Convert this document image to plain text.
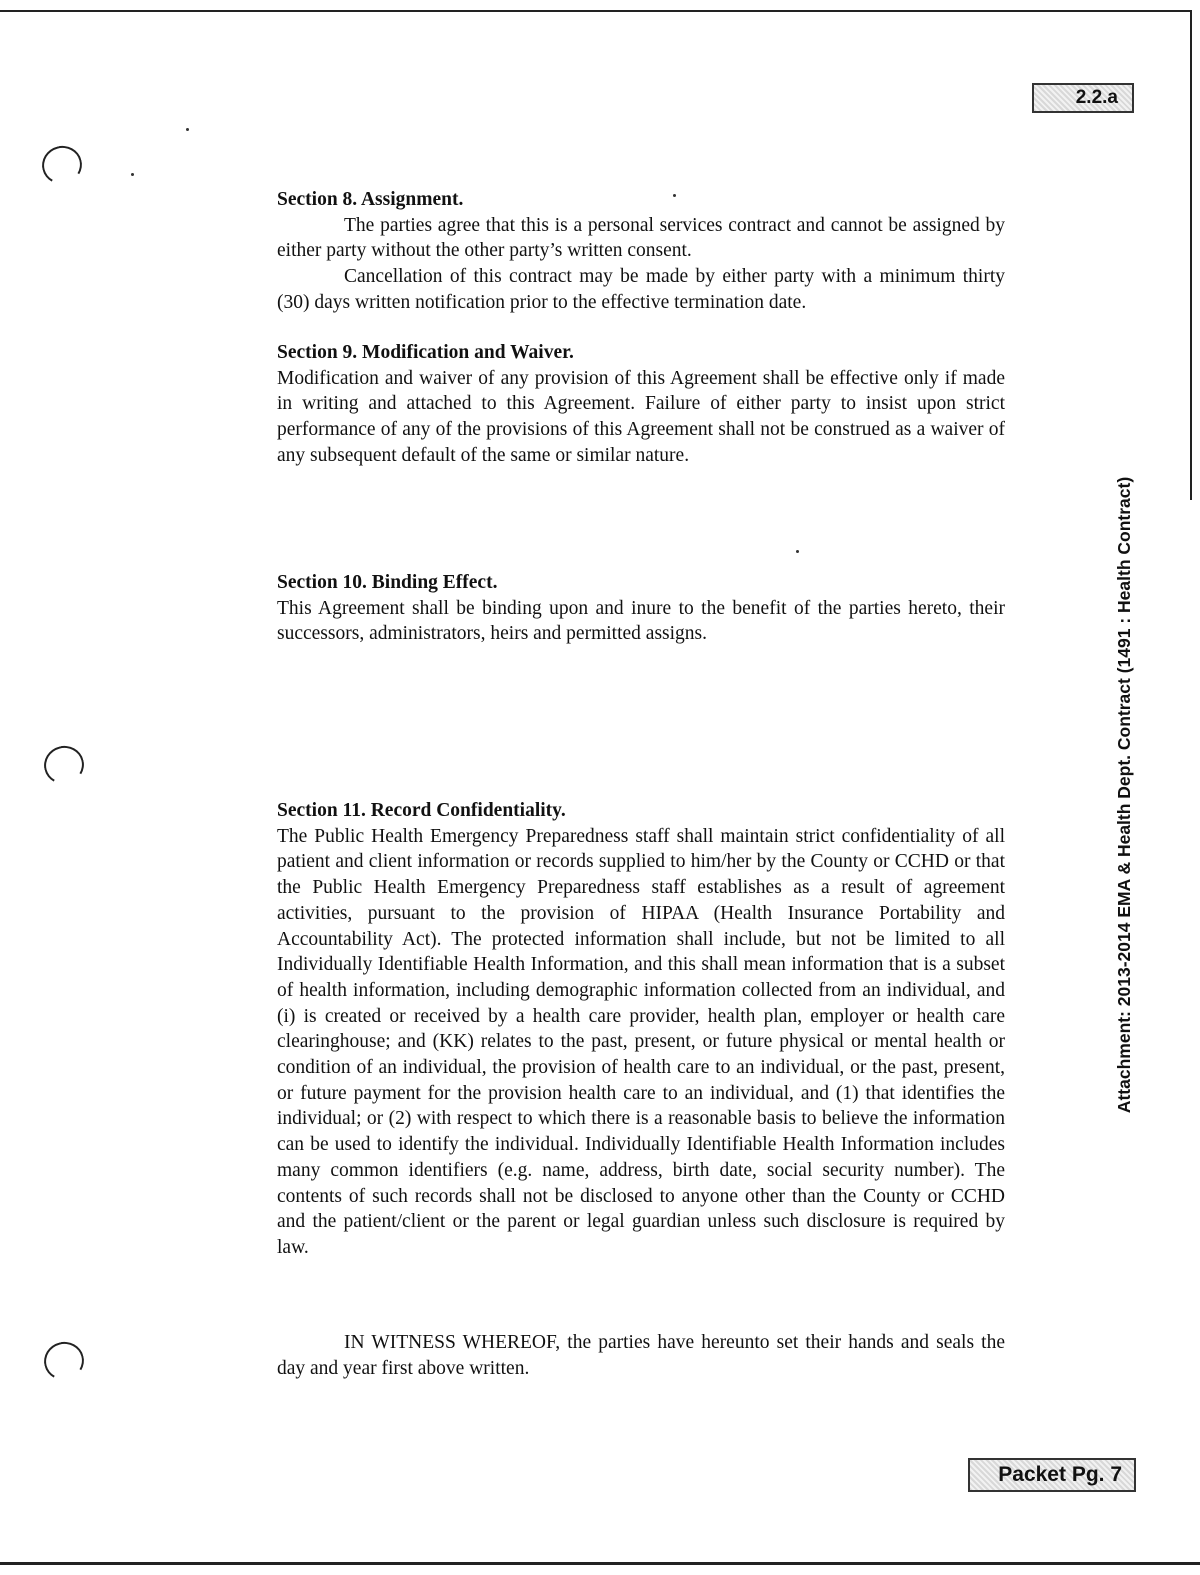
2.2.a
Section 8. Assignment.

The parties agree that this is a personal services contract and cannot be assigned by either party without the other party’s written consent.

Cancellation of this contract may be made by either party with a minimum thirty (30) days written notification prior to the effective termination date.

Section 9. Modification and Waiver.

Modification and waiver of any provision of this Agreement shall be effective only if made in writing and attached to this Agreement. Failure of either party to insist upon strict performance of any of the provisions of this Agreement shall not be construed as a waiver of any subsequent default of the same or similar nature.

Section 10. Binding Effect.

This Agreement shall be binding upon and inure to the benefit of the parties hereto, their successors, administrators, heirs and permitted assigns.

Section 11. Record Confidentiality.

The Public Health Emergency Preparedness staff shall maintain strict confidentiality of all patient and client information or records supplied to him/her by the County or CCHD or that the Public Health Emergency Preparedness staff establishes as a result of agreement activities, pursuant to the provision of HIPAA (Health Insurance Portability and Accountability Act). The protected information shall include, but not be limited to all Individually Identifiable Health Information, and this shall mean information that is a subset of health information, including demographic information collected from an individual, and (i) is created or received by a health care provider, health plan, employer or health care clearinghouse; and (KK) relates to the past, present, or future physical or mental health or condition of an individual, the provision of health care to an individual, or the past, present, or future payment for the provision health care to an individual, and (1) that identifies the individual; or (2) with respect to which there is a reasonable basis to believe the information can be used to identify the individual. Individually Identifiable Health Information includes many common identifiers (e.g. name, address, birth date, social security number). The contents of such records shall not be disclosed to anyone other than the County or CCHD and the patient/client or the parent or legal guardian unless such disclosure is required by law.

IN WITNESS WHEREOF, the parties have hereunto set their hands and seals the day and year first above written.

Attachment: 2013-2014 EMA & Health Dept. Contract (1491 : Health Contract)
Packet Pg. 7
